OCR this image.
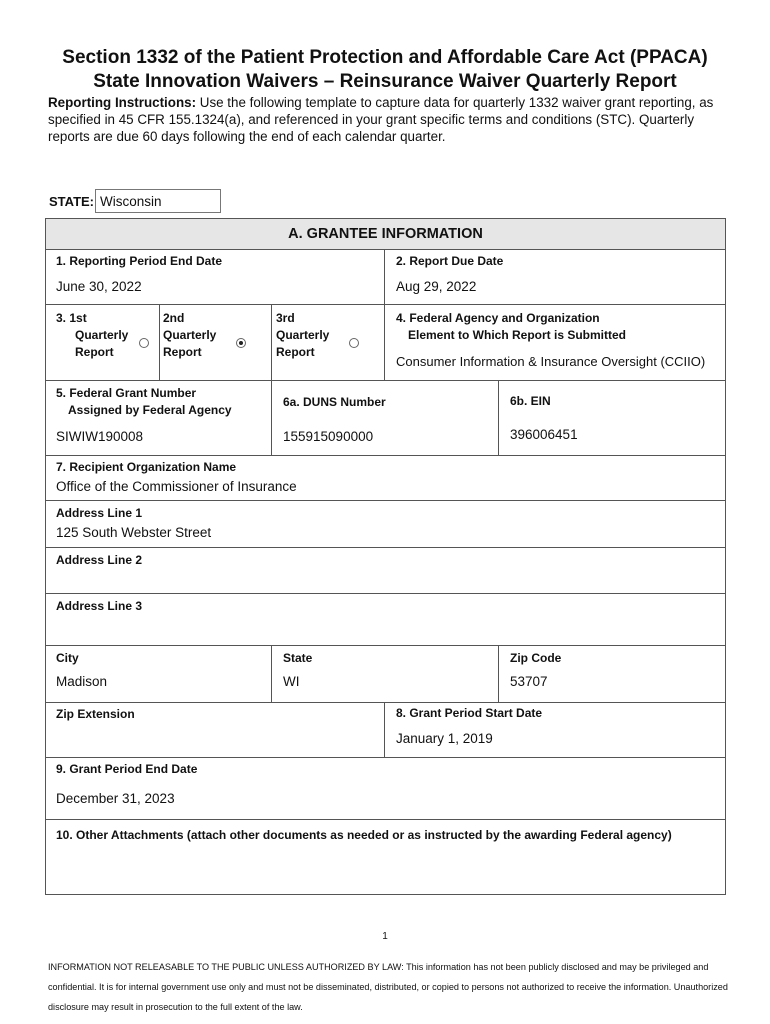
Section 1332 of the Patient Protection and Affordable Care Act (PPACA)
State Innovation Waivers – Reinsurance Waiver Quarterly Report
Reporting Instructions: Use the following template to capture data for quarterly 1332 waiver grant reporting, as specified in 45 CFR 155.1324(a), and referenced in your grant specific terms and conditions (STC). Quarterly reports are due 60 days following the end of each calendar quarter.
STATE: Wisconsin
A. GRANTEE INFORMATION
1. Reporting Period End Date
June 30, 2022
2. Report Due Date
Aug 29, 2022
3. 1st
Quarterly
Report
2nd
Quarterly
Report
3rd
Quarterly
Report
4. Federal Agency and Organization
Element to Which Report is Submitted
Consumer Information & Insurance Oversight (CCIIO)
5. Federal Grant Number
Assigned by Federal Agency
SIWIW190008
6a. DUNS Number
155915090000
6b. EIN
396006451
7. Recipient Organization Name
Office of the Commissioner of Insurance
Address Line 1
125 South Webster Street
Address Line 2
Address Line 3
City
Madison
State
WI
Zip Code
53707
Zip Extension	8. Grant Period Start Date
January 1, 2019
9. Grant Period End Date
December 31, 2023
10. Other Attachments (attach other documents as needed or as instructed by the awarding Federal agency)
1
INFORMATION NOT RELEASABLE TO THE PUBLIC UNLESS AUTHORIZED BY LAW: This information has not been publicly disclosed and may be privileged and confidential. It is for internal government use only and must not be disseminated, distributed, or copied to persons not authorized to receive the information. Unauthorized disclosure may result in prosecution to the full extent of the law.
